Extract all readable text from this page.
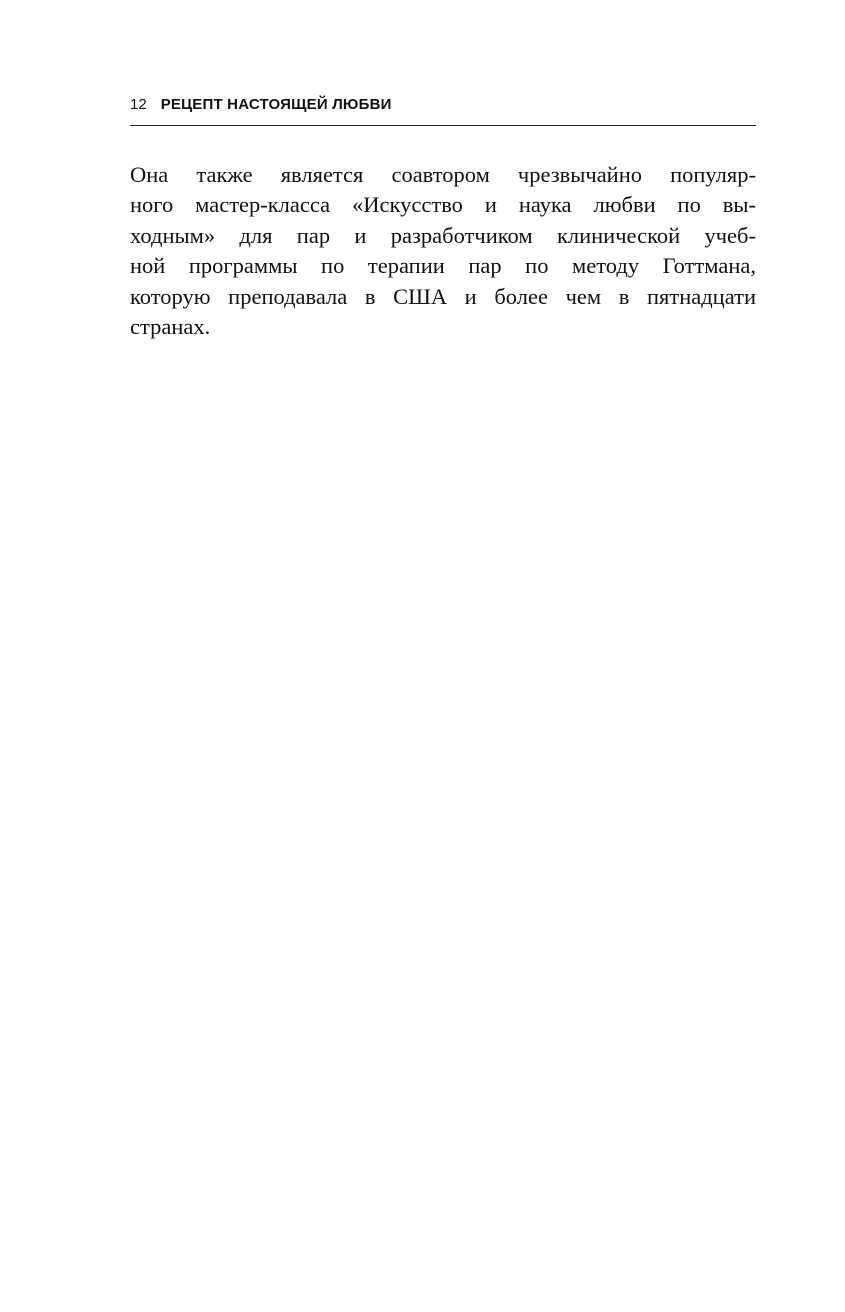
12 РЕЦЕПТ НАСТОЯЩЕЙ ЛЮБВИ

Она также является соавтором чрезвычайно популяр-
ного мастер-класса «Искусство и наука любви по вы-
ходным» для пар и разработчиком клинической учеб-
ной программы по терапии пар по методу Готтмана,
которую преподавала в США и более чем в пятнадцати
странах.
